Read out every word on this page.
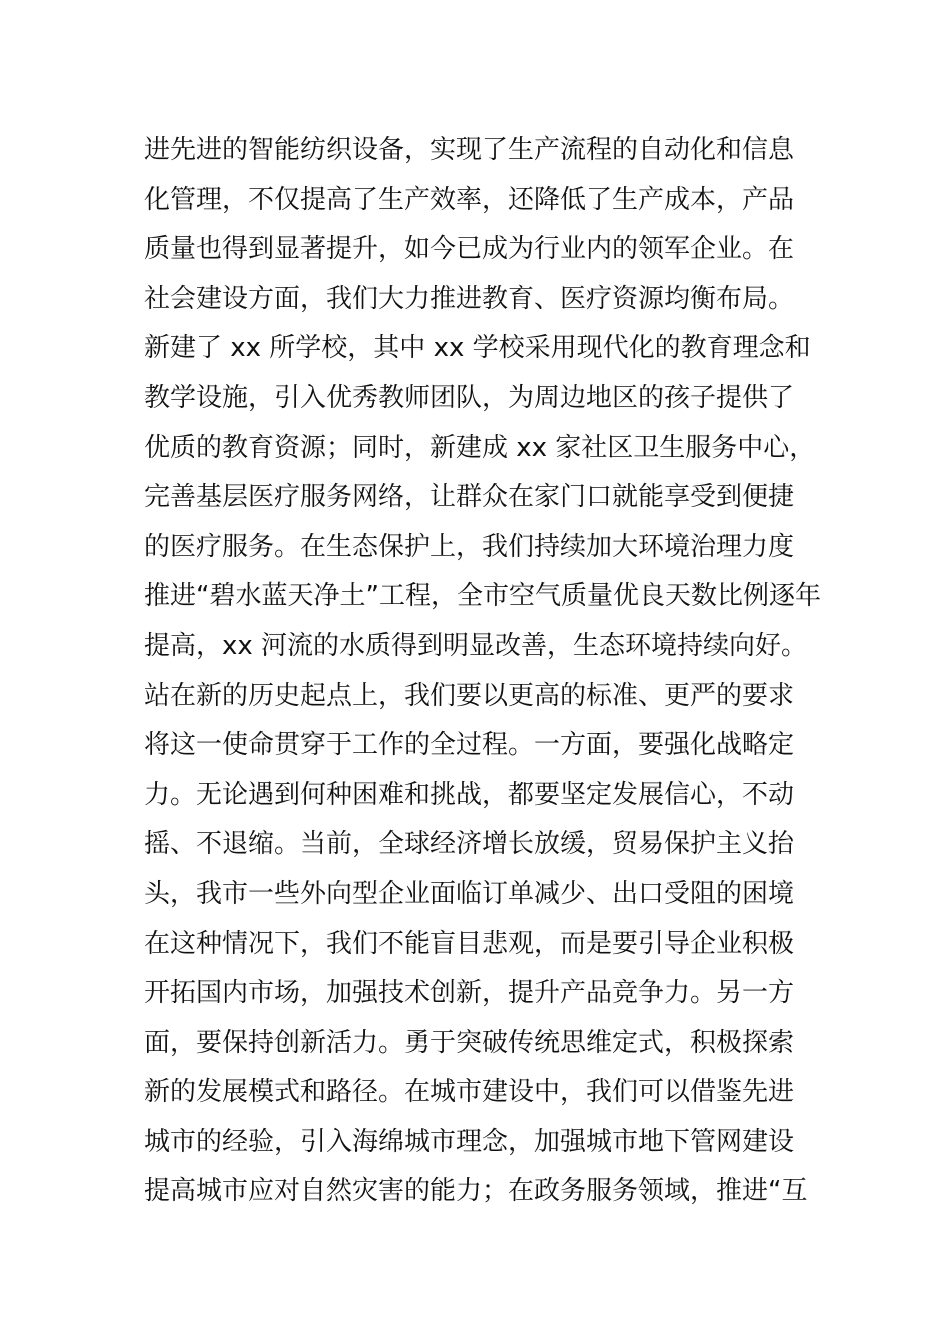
进先进的智能纺织设备，实现了生产流程的自动化和信息
化管理，不仅提高了生产效率，还降低了生产成本，产品
质量也得到显著提升，如今已成为行业内的领军企业。在
社会建设方面，我们大力推进教育、医疗资源均衡布局。
新建了 xx 所学校，其中 xx 学校采用现代化的教育理念和
教学设施，引入优秀教师团队，为周边地区的孩子提供了
优质的教育资源；同时，新建成 xx 家社区卫生服务中心，
完善基层医疗服务网络，让群众在家门口就能享受到便捷
的医疗服务。在生态保护上，我们持续加大环境治理力度
推进“碧水蓝天净土”工程，全市空气质量优良天数比例逐年
提高，xx 河流的水质得到明显改善，生态环境持续向好。
站在新的历史起点上，我们要以更高的标准、更严的要求
将这一使命贯穿于工作的全过程。一方面，要强化战略定
力。无论遇到何种困难和挑战，都要坚定发展信心，不动
摇、不退缩。当前，全球经济增长放缓，贸易保护主义抬
头，我市一些外向型企业面临订单减少、出口受阻的困境
在这种情况下，我们不能盲目悲观，而是要引导企业积极
开拓国内市场，加强技术创新，提升产品竞争力。另一方
面，要保持创新活力。勇于突破传统思维定式，积极探索
新的发展模式和路径。在城市建设中，我们可以借鉴先进
城市的经验，引入海绵城市理念，加强城市地下管网建设
提高城市应对自然灾害的能力；在政务服务领域，推进“互
